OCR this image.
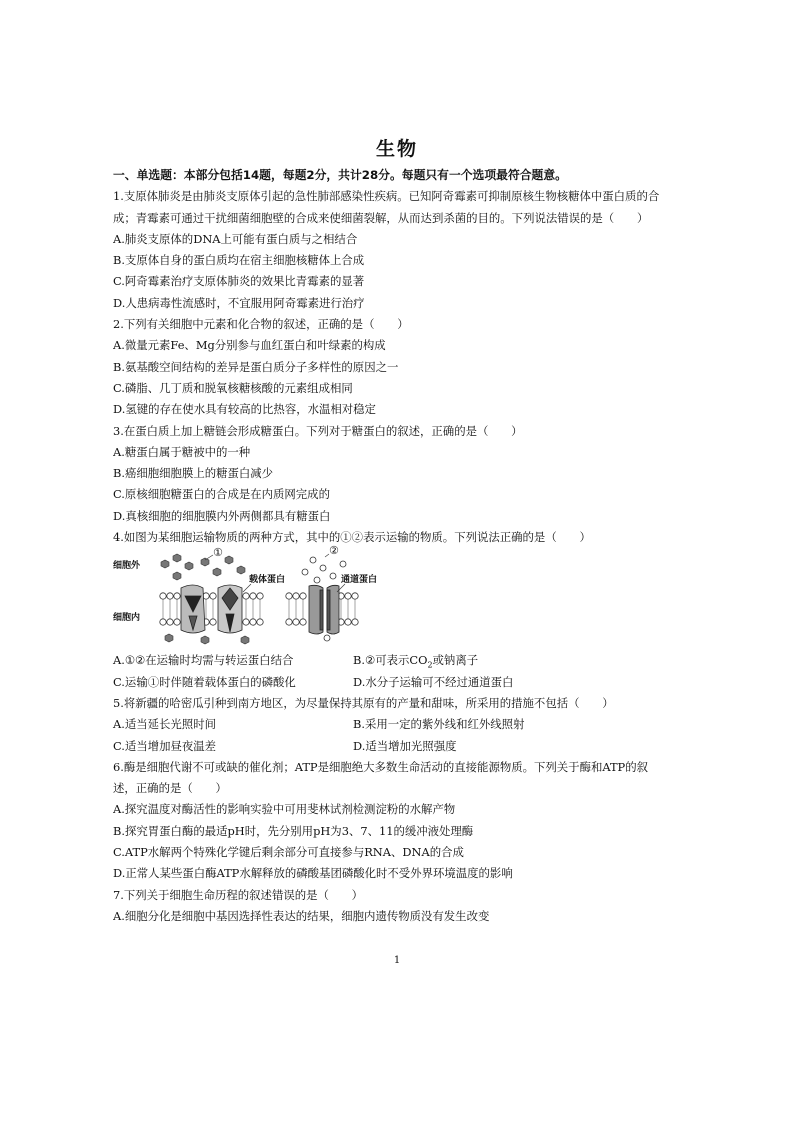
生物
一、单选题：本部分包括14题，每题2分，共计28分。每题只有一个选项最符合题意。
1.支原体肺炎是由肺炎支原体引起的急性肺部感染性疾病。已知阿奇霉素可抑制原核生物核糖体中蛋白质的合
成；青霉素可通过干扰细菌细胞壁的合成来使细菌裂解，从而达到杀菌的目的。下列说法错误的是（　　）
A.肺炎支原体的DNA上可能有蛋白质与之相结合
B.支原体自身的蛋白质均在宿主细胞核糖体上合成
C.阿奇霉素治疗支原体肺炎的效果比青霉素的显著
D.人患病毒性流感时，不宜服用阿奇霉素进行治疗
2.下列有关细胞中元素和化合物的叙述，正确的是（　　）
A.微量元素Fe、Mg分别参与血红蛋白和叶绿素的构成
B.氨基酸空间结构的差异是蛋白质分子多样性的原因之一
C.磷脂、几丁质和脱氧核糖核酸的元素组成相同
D.氢键的存在使水具有较高的比热容，水温相对稳定
3.在蛋白质上加上糖链会形成糖蛋白。下列对于糖蛋白的叙述，正确的是（　　）
A.糖蛋白属于糖被中的一种
B.癌细胞细胞膜上的糖蛋白减少
C.原核细胞糖蛋白的合成是在内质网完成的
D.真核细胞的细胞膜内外两侧都具有糖蛋白
4.如图为某细胞运输物质的两种方式，其中的①②表示运输的物质。下列说法正确的是（　　）
细胞外
细胞内
①	②
载体蛋白	通道蛋白
A.①②在运输时均需与转运蛋白结合	B.②可表示$CO_2$或钠离子
C.运输①时伴随着载体蛋白的磷酸化	D.水分子运输可不经过通道蛋白
5.将新疆的哈密瓜引种到南方地区，为尽量保持其原有的产量和甜味，所采用的措施不包括（　　）
A.适当延长光照时间	B.采用一定的紫外线和红外线照射
C.适当增加昼夜温差	D.适当增加光照强度
6.酶是细胞代谢不可或缺的催化剂；ATP是细胞绝大多数生命活动的直接能源物质。下列关于酶和ATP的叙
述，正确的是（　　）
A.探究温度对酶活性的影响实验中可用斐林试剂检测淀粉的水解产物
B.探究胃蛋白酶的最适pH时，先分别用pH为3、7、11的缓冲液处理酶
C.ATP水解两个特殊化学键后剩余部分可直接参与RNA、DNA的合成
D.正常人某些蛋白酶ATP水解释放的磷酸基团磷酸化时不受外界环境温度的影响
7.下列关于细胞生命历程的叙述错误的是（　　）
A.细胞分化是细胞中基因选择性表达的结果，细胞内遗传物质没有发生改变
1
